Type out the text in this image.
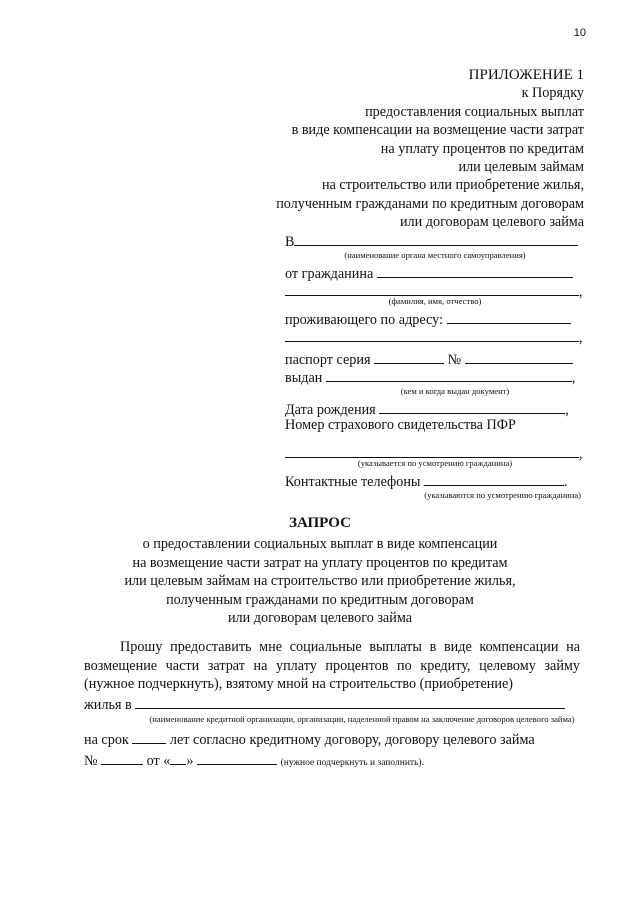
10
ПРИЛОЖЕНИЕ 1
к Порядку
предоставления социальных выплат
в виде компенсации на возмещение части затрат
на уплату процентов по кредитам
или целевым займам
на строительство или приобретение жилья,
полученным гражданами по кредитным договорам
или договорам целевого займа
В
(наименование органа местного самоуправления)
от гражданина
,
(фамилия, имя, отчество)
проживающего по адресу:
,
паспорт серия	№
выдан	,
(кем и когда выдан документ)
Дата рождения	,
Номер страхового свидетельства ПФР
,
(указывается по усмотрению гражданина)
Контактные телефоны	.
(указываются по усмотрению гражданина)
ЗАПРОС
о предоставлении социальных выплат в виде компенсации
на возмещение части затрат на уплату процентов по кредитам
или целевым займам на строительство или приобретение жилья,
полученным гражданами по кредитным договорам
или договорам целевого займа
Прошу предоставить мне социальные выплаты в виде компенсации на возмещение части затрат на уплату процентов по кредиту, целевому займу (нужное подчеркнуть), взятому мной на строительство (приобретение)
жилья в
(наименование кредитной организации, организации, наделенной правом на заключение договоров целевого займа)
на срок	лет согласно кредитному договору, договору целевого займа
№	от « »	(нужное подчеркнуть и заполнить).
